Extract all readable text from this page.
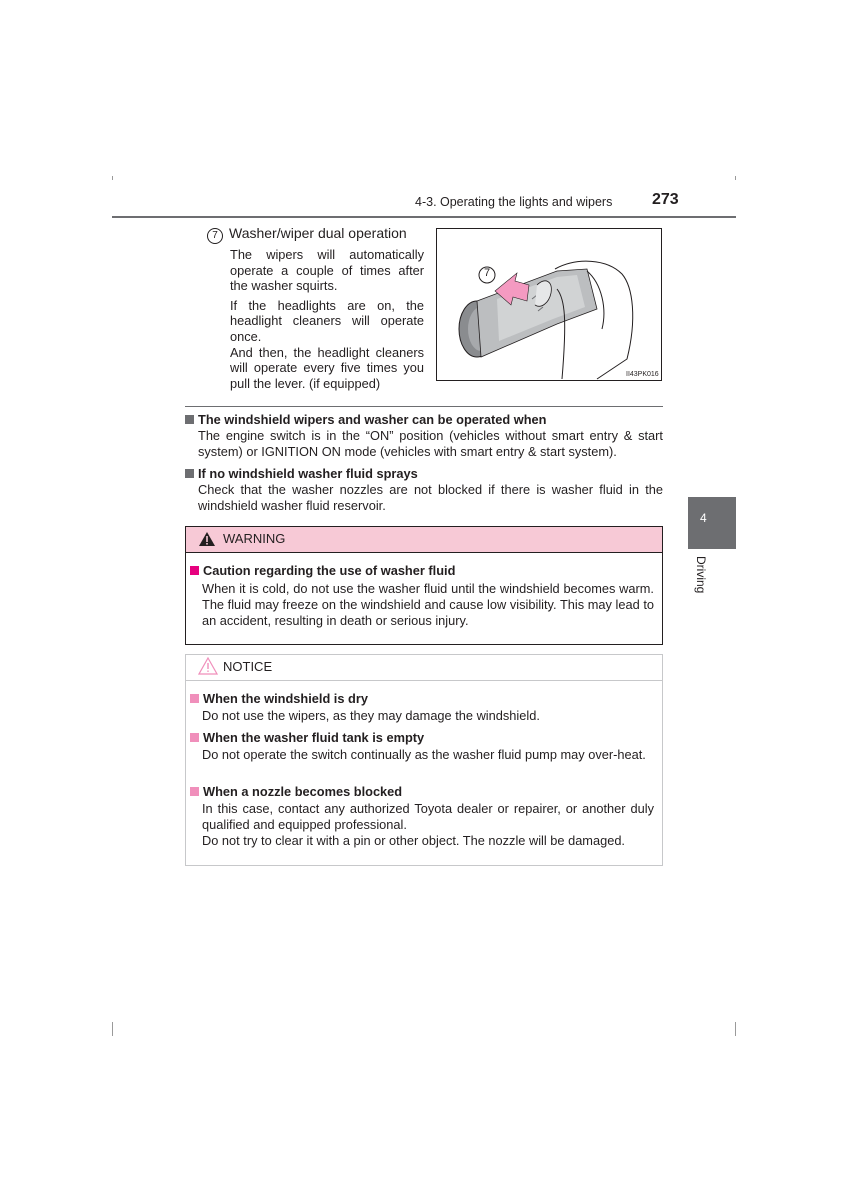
4-3. Operating the lights and wipers 273
4
Driving
7 Washer/wiper dual operation

The wipers will automatically operate a couple of times after the washer squirts.

If the headlights are on, the headlight cleaners will operate once.

And then, the headlight cleaners will operate every five times you pull the lever. (if equipped)

7
II43PK016
The windshield wipers and washer can be operated when
The engine switch is in the “ON” position (vehicles without smart entry & start system) or IGNITION ON mode (vehicles with smart entry & start system).
If no windshield washer fluid sprays
Check that the washer nozzles are not blocked if there is washer fluid in the windshield washer fluid reservoir.
WARNING
Caution regarding the use of washer fluid
When it is cold, do not use the washer fluid until the windshield becomes warm. The fluid may freeze on the windshield and cause low visibility. This may lead to an accident, resulting in death or serious injury.
NOTICE
When the windshield is dry
Do not use the wipers, as they may damage the windshield.
When the washer fluid tank is empty
Do not operate the switch continually as the washer fluid pump may over-heat.
When a nozzle becomes blocked
In this case, contact any authorized Toyota dealer or repairer, or another duly qualified and equipped professional.
Do not try to clear it with a pin or other object. The nozzle will be damaged.
